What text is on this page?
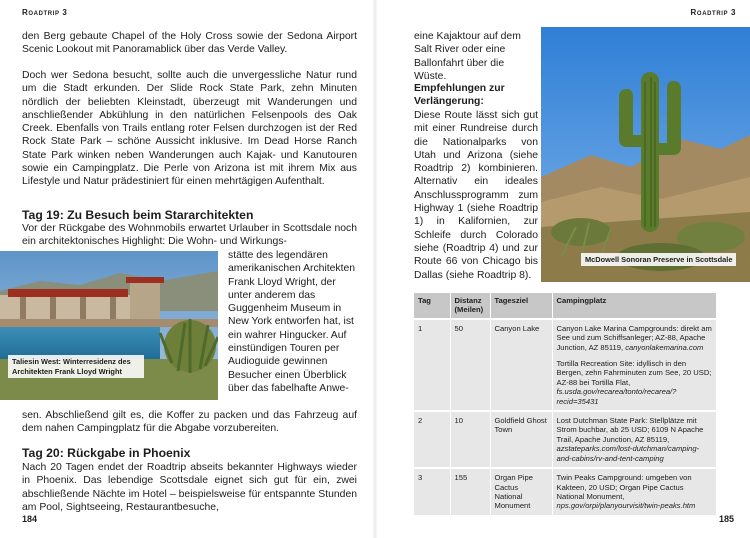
Roadtrip 3

den Berg gebaute Chapel of the Holy Cross sowie der Sedona Airport Scenic Lookout mit Panoramablick über das Verde Valley.

Doch wer Sedona besucht, sollte auch die unvergessliche Natur rund um die Stadt erkunden. Der Slide Rock State Park, zehn Minuten nördlich der beliebten Kleinstadt, überzeugt mit Wanderungen und anschließender Abkühlung in den natürlichen Felsenpools des Oak Creek. Ebenfalls von Trails entlang roter Felsen durchzogen ist der Red Rock State Park – schöne Aussicht inklusive. Im Dead Horse Ranch State Park winken neben Wanderungen auch Kajak- und Kanutouren sowie ein Campingplatz. Die Perle von Arizona ist mit ihrem Mix aus Lifestyle und Natur prädestiniert für einen mehrtägigen Aufenthalt.

Tag 19: Zu Besuch beim Stararchitekten

Vor der Rückgabe des Wohnmobils erwartet Urlauber in Scottsdale noch ein architektonisches Highlight: Die Wohn- und Wirkungs-

Taliesin West: Winterresidenz des Architekten Frank Lloyd Wright

stätte des legendären amerikanischen Architekten Frank Lloyd Wright, der unter anderem das Guggenheim Museum in New York entworfen hat, ist ein wahrer Hingucker. Auf einstündigen Touren per Audioguide gewinnen Besucher einen Überblick über das fabelhafte Anwe-

sen. Abschließend gilt es, die Koffer zu packen und das Fahrzeug auf dem nahen Campingplatz für die Abgabe vorzubereiten.

Tag 20: Rückgabe in Phoenix

Nach 20 Tagen endet der Roadtrip abseits bekannter Highways wieder in Phoenix. Das lebendige Scottsdale eignet sich gut für ein, zwei abschließende Nächte im Hotel – beispielsweise für entspannte Stunden am Pool, Sightseeing, Restaurantbesuche,

184
Roadtrip 3

eine Kajaktour auf dem Salt River oder eine Ballonfahrt über die Wüste.

Empfehlungen zur Verlängerung:

Diese Route lässt sich gut mit einer Rundreise durch die Nationalparks von Utah und Arizona (siehe Roadtrip 2) kombinieren. Alternativ ein ideales Anschlussprogramm zum Highway 1 (siehe Roadtrip 1) in Kalifornien, zur Schleife durch Colorado siehe (Roadtrip 4) und zur Route 66 von Chicago bis Dallas (siehe Roadtrip 8).

McDowell Sonoran Preserve in Scottsdale
Tag	Distanz (Meilen)	Tagesziel	Campingplatz
1	50	Canyon Lake	Canyon Lake Marina Campgrounds: direkt am See und zum Schiffsanleger; AZ-88, Apache Junction, AZ 85119, canyonlakemarina.com

Tortilla Recreation Site: idyllisch in den Bergen, zehn Fahrminuten zum See, 20 USD; AZ-88 bei Tortilla Flat, fs.usda.gov/recarea/tonto/recarea/?recid=35431

2	10	Goldfield Ghost Town	Lost Dutchman State Park: Stellplätze mit Strom buchbar, ab 25 USD; 6109 N Apache Trail, Apache Junction, AZ 85119, azstateparks.com/lost-dutchman/camping-and-cabins/rv-and-tent-camping

3	155	Organ Pipe Cactus National Monument	Twin Peaks Campground: umgeben von Kakteen, 20 USD; Organ Pipe Cactus National Monument, nps.gov/orpi/planyourvisit/twin-peaks.htm

185
